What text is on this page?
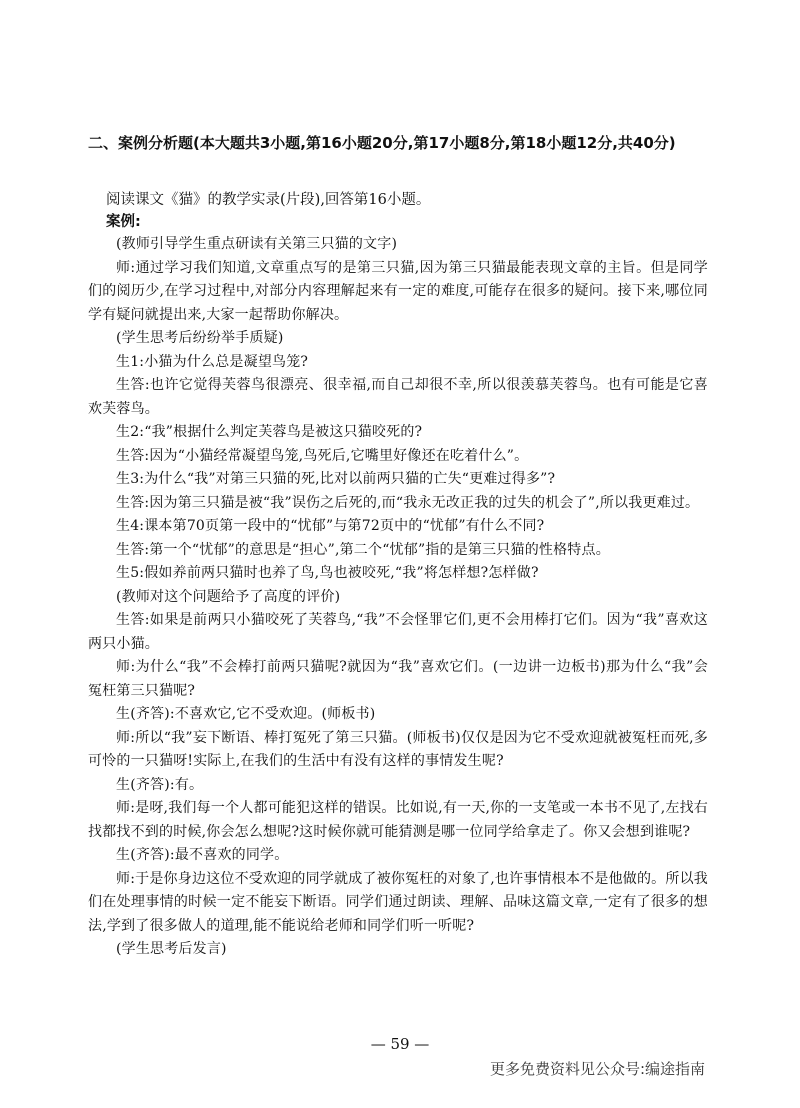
二、案例分析题(本大题共3小题,第16小题20分,第17小题8分,第18小题12分,共40分)
阅读课文《猫》的教学实录(片段),回答第16小题。
案例:

(教师引导学生重点研读有关第三只猫的文字)

师:通过学习我们知道,文章重点写的是第三只猫,因为第三只猫最能表现文章的主旨。但是同学们的阅历少,在学习过程中,对部分内容理解起来有一定的难度,可能存在很多的疑问。接下来,哪位同学有疑问就提出来,大家一起帮助你解决。

(学生思考后纷纷举手质疑)

生1:小猫为什么总是凝望鸟笼?

生答:也许它觉得芙蓉鸟很漂亮、很幸福,而自己却很不幸,所以很羡慕芙蓉鸟。也有可能是它喜欢芙蓉鸟。

生2:“我”根据什么判定芙蓉鸟是被这只猫咬死的?

生答:因为“小猫经常凝望鸟笼,鸟死后,它嘴里好像还在吃着什么”。

生3:为什么“我”对第三只猫的死,比对以前两只猫的亡失“更难过得多”?

生答:因为第三只猫是被“我”误伤之后死的,而“我永无改正我的过失的机会了”,所以我更难过。

生4:课本第70页第一段中的“忧郁”与第72页中的“忧郁”有什么不同?

生答:第一个“忧郁”的意思是“担心”,第二个“忧郁”指的是第三只猫的性格特点。

生5:假如养前两只猫时也养了鸟,鸟也被咬死,“我”将怎样想?怎样做?

(教师对这个问题给予了高度的评价)

生答:如果是前两只小猫咬死了芙蓉鸟,“我”不会怪罪它们,更不会用棒打它们。因为“我”喜欢这两只小猫。

师:为什么“我”不会棒打前两只猫呢?就因为“我”喜欢它们。(一边讲一边板书)那为什么“我”会冤枉第三只猫呢?

生(齐答):不喜欢它,它不受欢迎。(师板书)

师:所以“我”妄下断语、棒打冤死了第三只猫。(师板书)仅仅是因为它不受欢迎就被冤枉而死,多可怜的一只猫呀!实际上,在我们的生活中有没有这样的事情发生呢?

生(齐答):有。

师:是呀,我们每一个人都可能犯这样的错误。比如说,有一天,你的一支笔或一本书不见了,左找右找都找不到的时候,你会怎么想呢?这时候你就可能猜测是哪一位同学给拿走了。你又会想到谁呢?

生(齐答):最不喜欢的同学。

师:于是你身边这位不受欢迎的同学就成了被你冤枉的对象了,也许事情根本不是他做的。所以我们在处理事情的时候一定不能妄下断语。同学们通过朗读、理解、品味这篇文章,一定有了很多的想法,学到了很多做人的道理,能不能说给老师和同学们听一听呢?

(学生思考后发言)

— 59 —
更多免费资料见公众号:编途指南
